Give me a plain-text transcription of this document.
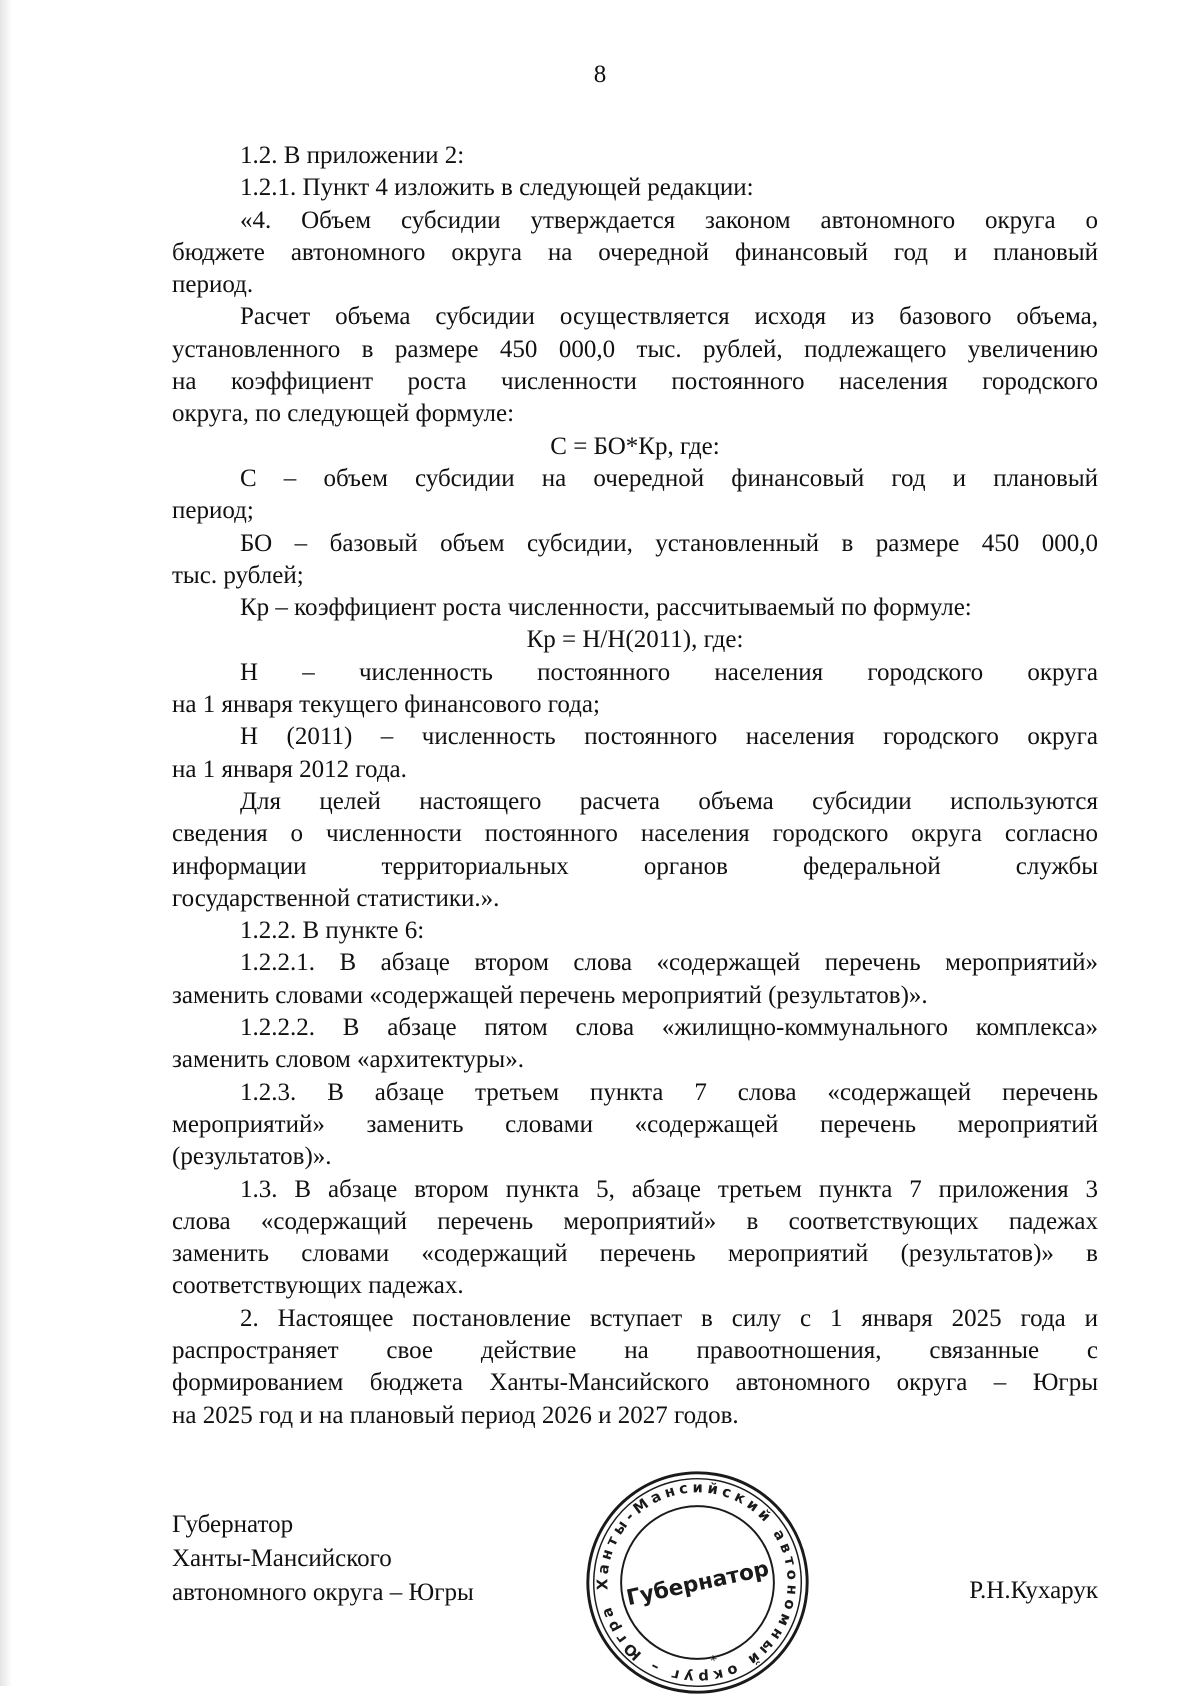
8
1.2. В приложении 2:
1.2.1. Пункт 4 изложить в следующей редакции:
«4. Объем субсидии утверждается законом автономного округа о
бюджете автономного округа на очередной финансовый год и плановый
период.
Расчет объема субсидии осуществляется исходя из базового объема,
установленного в размере 450 000,0 тыс. рублей, подлежащего увеличению
на коэффициент роста численности постоянного населения городского
округа, по следующей формуле:
С = БО*Кр, где:
С – объем субсидии на очередной финансовый год и плановый
период;
БО – базовый объем субсидии, установленный в размере 450 000,0
тыс. рублей;
Кр – коэффициент роста численности, рассчитываемый по формуле:
Кр = Н/Н(2011), где:
Н – численность постоянного населения городского округа
на 1 января текущего финансового года;
Н (2011) – численность постоянного населения городского округа
на 1 января 2012 года.
Для целей настоящего расчета объема субсидии используются
сведения о численности постоянного населения городского округа согласно
информации территориальных органов федеральной службы
государственной статистики.».
1.2.2. В пункте 6:
1.2.2.1. В абзаце втором слова «содержащей перечень мероприятий»
заменить словами «содержащей перечень мероприятий (результатов)».
1.2.2.2. В абзаце пятом слова «жилищно-коммунального комплекса»
заменить словом «архитектуры».
1.2.3. В абзаце третьем пункта 7 слова «содержащей перечень
мероприятий» заменить словами «содержащей перечень мероприятий
(результатов)».
1.3. В абзаце втором пункта 5, абзаце третьем пункта 7 приложения 3
слова «содержащий перечень мероприятий» в соответствующих падежах
заменить словами «содержащий перечень мероприятий (результатов)» в
соответствующих падежах.
2. Настоящее постановление вступает в силу с 1 января 2025 года и
распространяет свое действие на правоотношения, связанные с
формированием бюджета Ханты-Мансийского автономного округа – Югры
на 2025 год и на плановый период 2026 и 2027 годов.
Губернатор
Ханты-Мансийского
автономного округа – Югры	Р.Н.Кухарук
Ханты-Мансийский автономный округ – Югра
Губернатор
*
